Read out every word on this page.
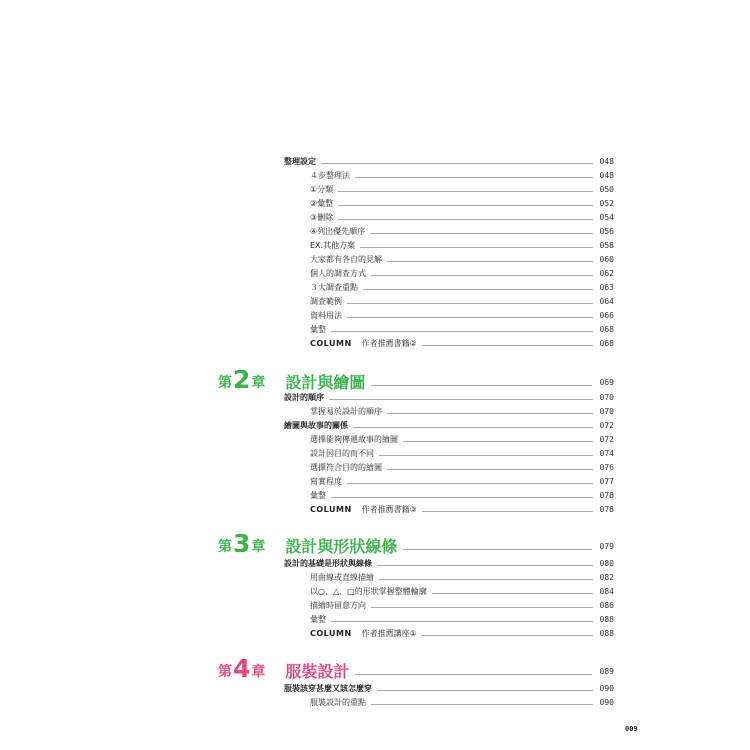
整理設定	048
４步整理法	048
①分類	050
②彙整	052
③刪除	054
④列出優先順序	056
EX.其他方案	058
大家都有各自的見解	060
個人的調查方式	062
３大調查重點	063
調查範例	064
資料用法	066
彙整	068
COLUMN 作者推薦書籍②	068
第 2 章 設計與繪圖	069
設計的順序	070
掌握易於設計的順序	070
繪圖與故事的關係	072
選擇能夠傳遞故事的繪圖	072
設計因目的而不同	074
選擇符合目的的繪圖	076
寫實程度	077
彙整	078
COLUMN 作者推薦書籍③	078
第 3 章 設計與形狀線條	079
設計的基礎是形狀與線條	080
用曲線或直線描繪	082
以○、△、□的形狀掌握整體輪廓	084
描繪時留意方向	086
彙整	088
COLUMN 作者推薦講座①	088
第 4 章 服裝設計	089
服裝該穿甚麼又該怎麼穿	090
服裝設計的重點	090
009
